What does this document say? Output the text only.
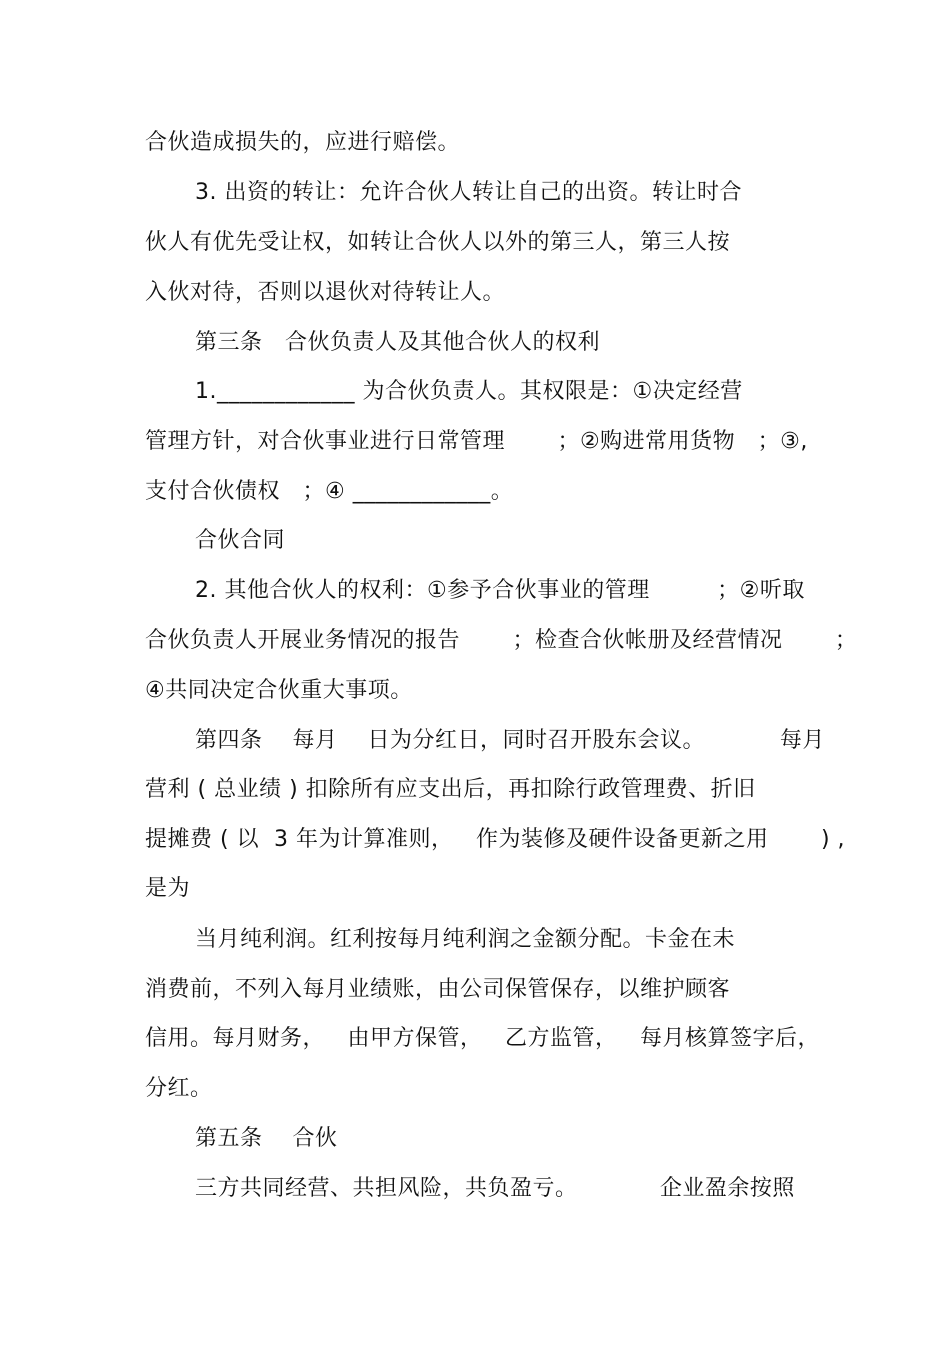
合伙造成损失的，应进行赔偿。
3. 出资的转让：允许合伙人转让自己的出资。转让时合
伙人有优先受让权，如转让合伙人以外的第三人，第三人按
入伙对待，否则以退伙对待转让人。
第三条   合伙负责人及其他合伙人的权利
1.____________ 为合伙负责人。其权限是：①决定经营
管理方针，对合伙事业进行日常管理       ；②购进常用货物   ；③,
支付合伙债权   ；④ ____________。
合伙合同
2. 其他合伙人的权利：①参予合伙事业的管理         ；②听取
合伙负责人开展业务情况的报告       ；检查合伙帐册及经营情况       ；
④共同决定合伙重大事项。
第四条    每月    日为分红日，同时召开股东会议。          每月
营利 ( 总业绩 ) 扣除所有应支出后，再扣除行政管理费、折旧
提摊费 ( 以  3 年为计算准则，   作为装修及硬件设备更新之用       ) ,
是为
当月纯利润。红利按每月纯利润之金额分配。卡金在未
消费前，不列入每月业绩账，由公司保管保存，以维护顾客
信用。每月财务，   由甲方保管，   乙方监管，   每月核算签字后，
分红。
第五条    合伙
三方共同经营、共担风险，共负盈亏。           企业盈余按照
